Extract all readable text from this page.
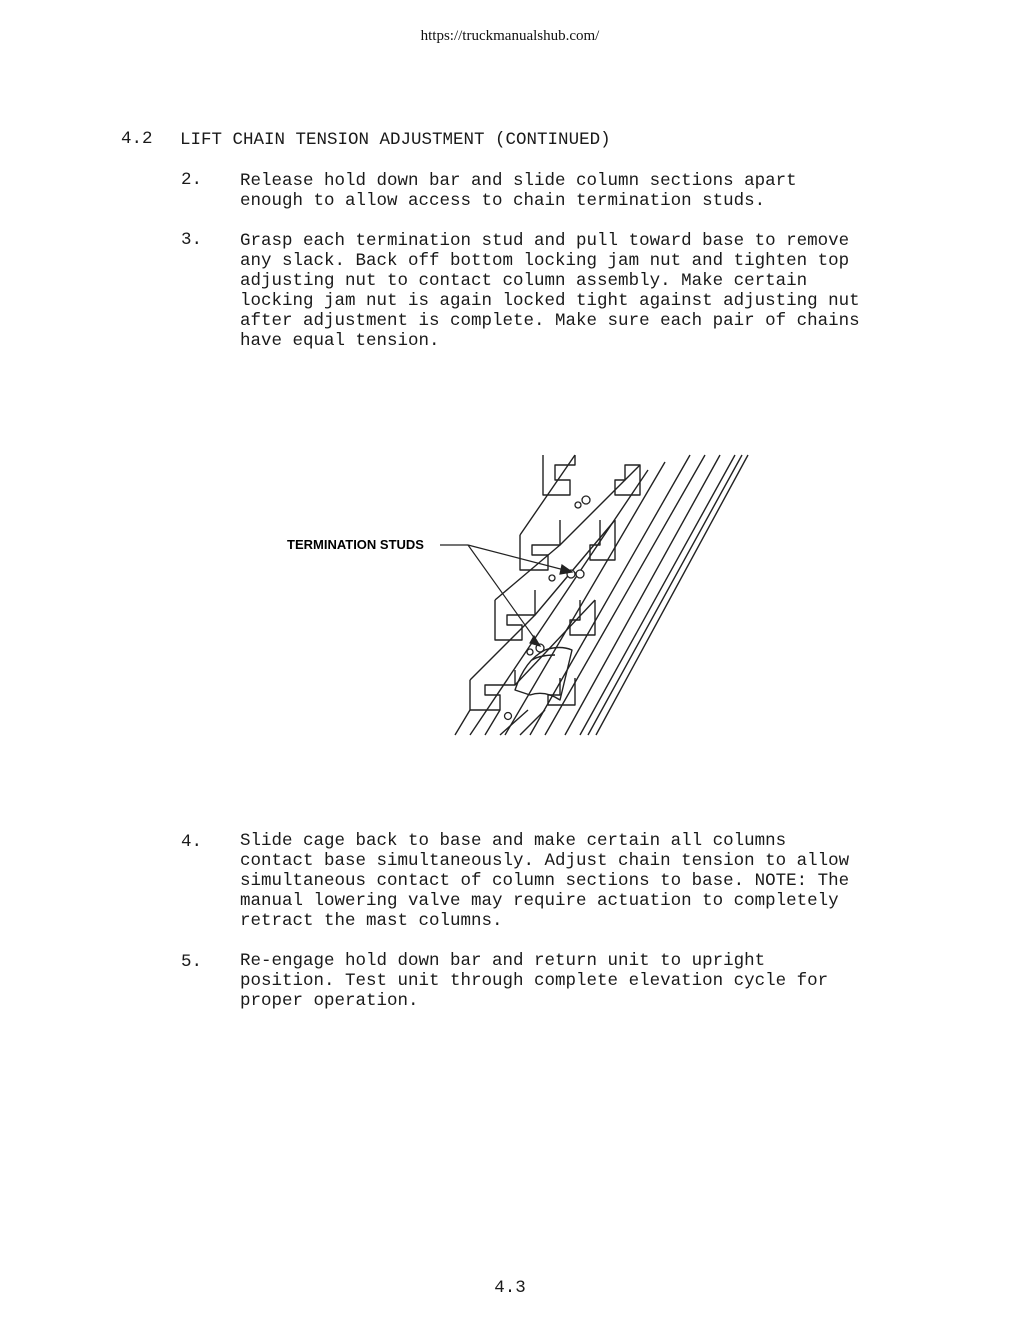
https://truckmanualshub.com/
4.2 LIFT CHAIN TENSION ADJUSTMENT (CONTINUED)
2. Release hold down bar and slide column sections apart
enough to allow access to chain termination studs.
3. Grasp each termination stud and pull toward base to remove
any slack. Back off bottom locking jam nut and tighten top
adjusting nut to contact column assembly. Make certain
locking jam nut is again locked tight against adjusting nut
after adjustment is complete. Make sure each pair of chains
have equal tension.
TERMINATION STUDS
4. Slide cage back to base and make certain all columns
contact base simultaneously. Adjust chain tension to allow
simultaneous contact of column sections to base. NOTE: The
manual lowering valve may require actuation to completely
retract the mast columns.
5. Re-engage hold down bar and return unit to upright
position. Test unit through complete elevation cycle for
proper operation.
4.3
